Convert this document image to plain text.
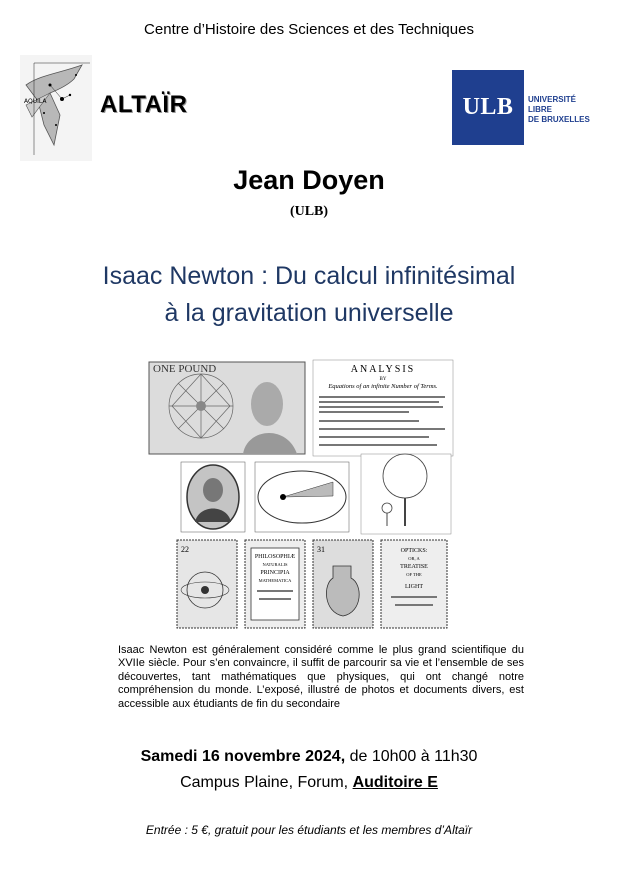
Centre d’Histoire des Sciences et des Techniques
AQUILA ALTAÏR	ULB	UNIVERSITÉ
LIBRE
DE BRUXELLES
Jean Doyen
(ULB)
Isaac Newton : Du calcul infinitésimal
à la gravitation universelle
ONE POUND	ANALYSIS
BY
Equations of an infinite Number of Terms.
22
PHILOSOPHIÆ
NATURALIS
PRINCIPIA
MATHEMATICA
31	OPTICKS:
OR, A
TREATISE
OF THE
LIGHT
Isaac Newton est généralement considéré comme le plus grand scientifique du XVIIe siècle. Pour s’en convaincre, il suffit de parcourir sa vie et l’ensemble de ses découvertes, tant mathématiques que physiques, qui ont changé notre compréhension du monde. L’exposé, illustré de photos et documents divers, est accessible aux étudiants de fin du secondaire
Samedi 16 novembre 2024, de 10h00 à 11h30
Campus Plaine, Forum, Auditoire E
Entrée : 5 €, gratuit pour les étudiants et les membres d’Altaïr
